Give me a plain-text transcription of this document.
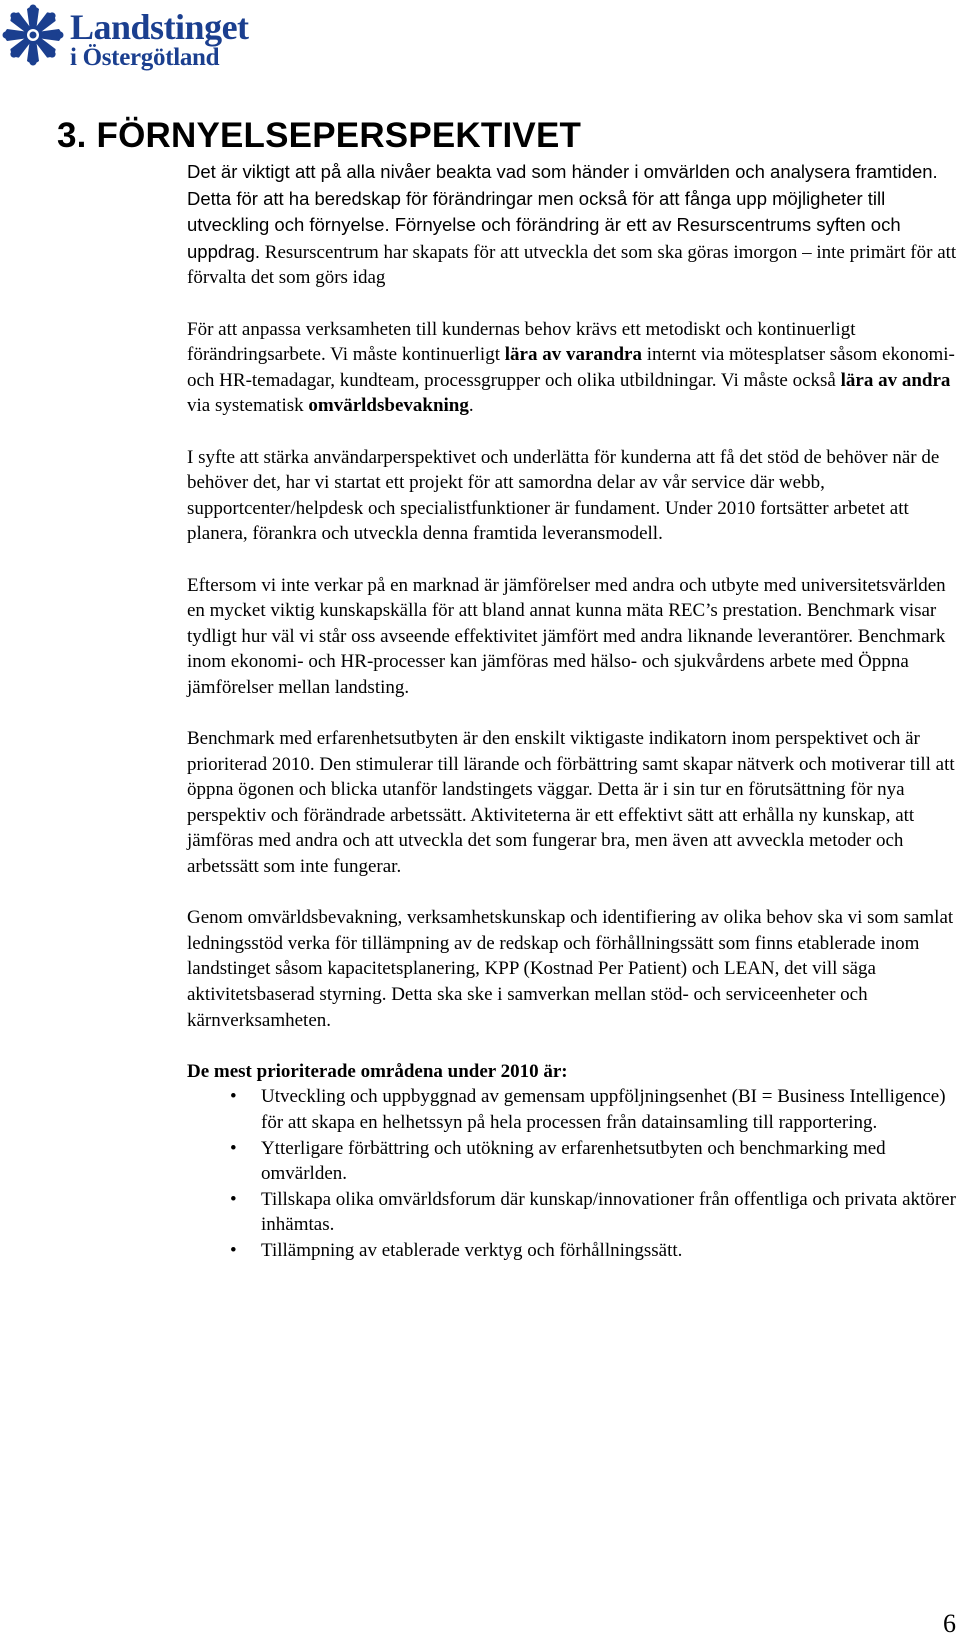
Landstinget
i Östergötland
3. FÖRNYELSEPERSPEKTIVET

Det är viktigt att på alla nivåer beakta vad som händer i omvärlden och analysera framtiden. Detta för att ha beredskap för förändringar men också för att fånga upp möjligheter till utveckling och förnyelse. Förnyelse och förändring är ett av Resurscentrums syften och uppdrag. Resurscentrum har skapats för att utveckla det som ska göras imorgon – inte primärt för att förvalta det som görs idag

För att anpassa verksamheten till kundernas behov krävs ett metodiskt och kontinuerligt förändringsarbete. Vi måste kontinuerligt lära av varandra internt via mötesplatser såsom ekonomi- och HR-temadagar, kundteam, processgrupper och olika utbildningar. Vi måste också lära av andra via systematisk omvärldsbevakning.

I syfte att stärka användarperspektivet och underlätta för kunderna att få det stöd de behöver när de behöver det, har vi startat ett projekt för att samordna delar av vår service där webb, supportcenter/helpdesk och specialistfunktioner är fundament. Under 2010 fortsätter arbetet att planera, förankra och utveckla denna framtida leveransmodell.

Eftersom vi inte verkar på en marknad är jämförelser med andra och utbyte med universitetsvärlden en mycket viktig kunskapskälla för att bland annat kunna mäta REC’s prestation. Benchmark visar tydligt hur väl vi står oss avseende effektivitet jämfört med andra liknande leverantörer. Benchmark inom ekonomi- och HR-processer kan jämföras med hälso- och sjukvårdens arbete med Öppna jämförelser mellan landsting.

Benchmark med erfarenhetsutbyten är den enskilt viktigaste indikatorn inom perspektivet och är prioriterad 2010. Den stimulerar till lärande och förbättring samt skapar nätverk och motiverar till att öppna ögonen och blicka utanför landstingets väggar. Detta är i sin tur en förutsättning för nya perspektiv och förändrade arbetssätt. Aktiviteterna är ett effektivt sätt att erhålla ny kunskap, att jämföras med andra och att utveckla det som fungerar bra, men även att avveckla metoder och arbetssätt som inte fungerar.

Genom omvärldsbevakning, verksamhetskunskap och identifiering av olika behov ska vi som samlat ledningsstöd verka för tillämpning av de redskap och förhållningssätt som finns etablerade inom landstinget såsom kapacitetsplanering, KPP (Kostnad Per Patient) och LEAN, det vill säga aktivitetsbaserad styrning. Detta ska ske i samverkan mellan stöd- och serviceenheter och kärnverksamheten.

De mest prioriterade områdena under 2010 är:

• Utveckling och uppbyggnad av gemensam uppföljningsenhet (BI = Business Intelligence) för att skapa en helhetssyn på hela processen från datainsamling till rapportering.
• Ytterligare förbättring och utökning av erfarenhetsutbyten och benchmarking med omvärlden.
• Tillskapa olika omvärldsforum där kunskap/innovationer från offentliga och privata aktörer inhämtas.
• Tillämpning av etablerade verktyg och förhållningssätt.
6
